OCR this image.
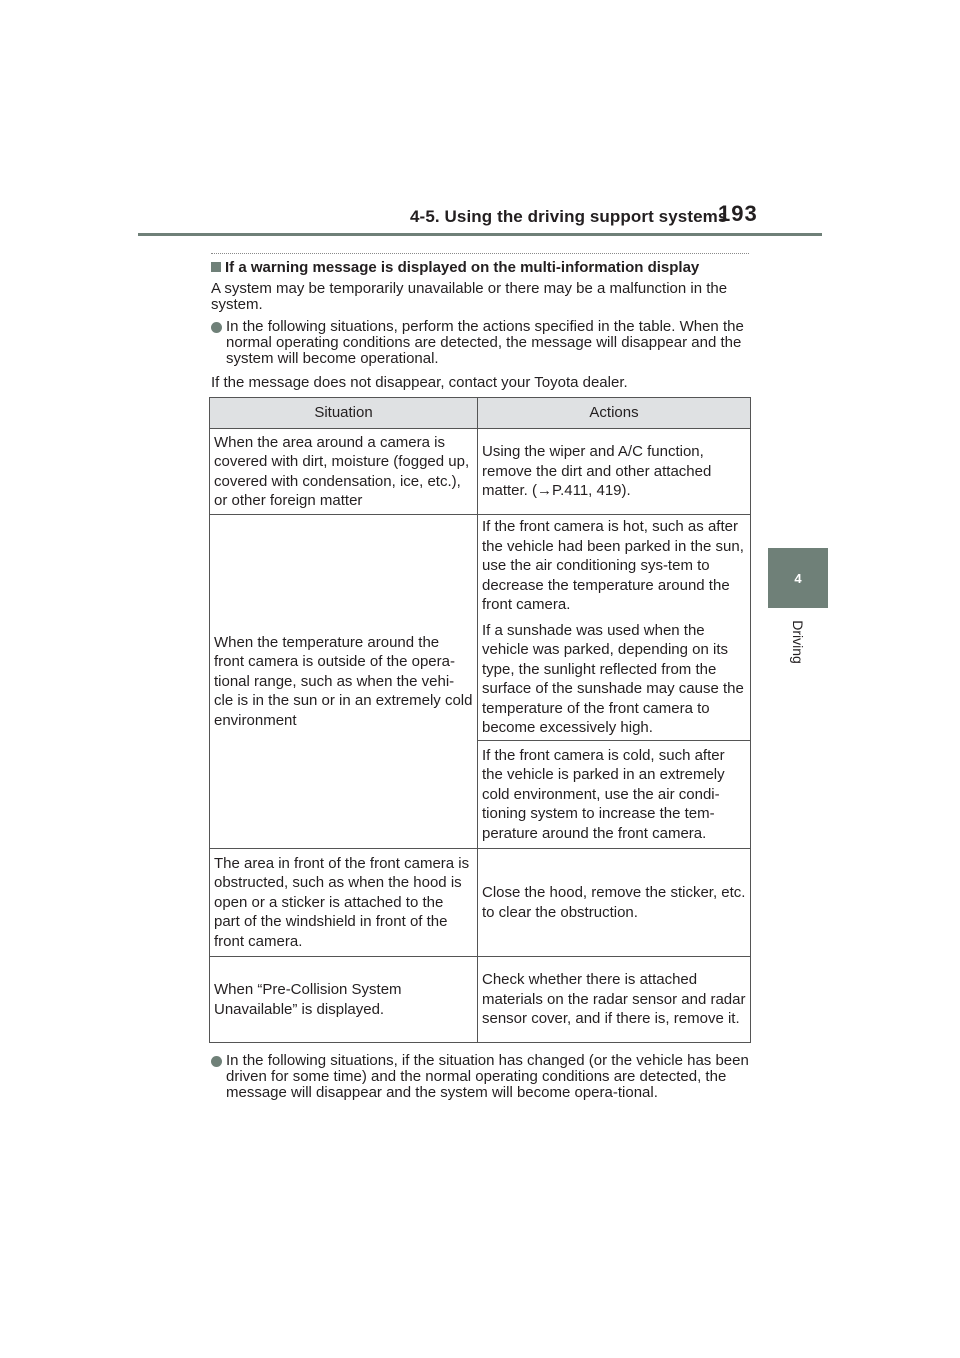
4-5. Using the driving support systems
193
4
Driving
If a warning message is displayed on the multi-information display
A system may be temporarily unavailable or there may be a malfunction in the system.
In the following situations, perform the actions specified in the table. When the normal operating conditions are detected, the message will disappear and the system will become operational.
If the message does not disappear, contact your Toyota dealer.
Situation	Actions
When the area around a camera is covered with dirt, moisture (fogged up, covered with condensation, ice, etc.), or other foreign matter	Using the wiper and A/C function, remove the dirt and other attached matter. (→P.411, 419).
When the temperature around the front camera is outside of the opera-tional range, such as when the vehi-cle is in the sun or in an extremely cold environment	If the front camera is hot, such as after the vehicle had been parked in the sun, use the air conditioning sys-tem to decrease the temperature around the front camera.
If a sunshade was used when the vehicle was parked, depending on its type, the sunlight reflected from the surface of the sunshade may cause the temperature of the front camera to become excessively high.

	If the front camera is cold, such after the vehicle is parked in an extremely cold environment, use the air condi-tioning system to increase the tem-perature around the front camera.
The area in front of the front camera is obstructed, such as when the hood is open or a sticker is attached to the part of the windshield in front of the front camera.	Close the hood, remove the sticker, etc. to clear the obstruction.
When “Pre-Collision System Unavailable” is displayed.	Check whether there is attached materials on the radar sensor and radar sensor cover, and if there is, remove it.
In the following situations, if the situation has changed (or the vehicle has been driven for some time) and the normal operating conditions are detected, the message will disappear and the system will become opera-tional.
